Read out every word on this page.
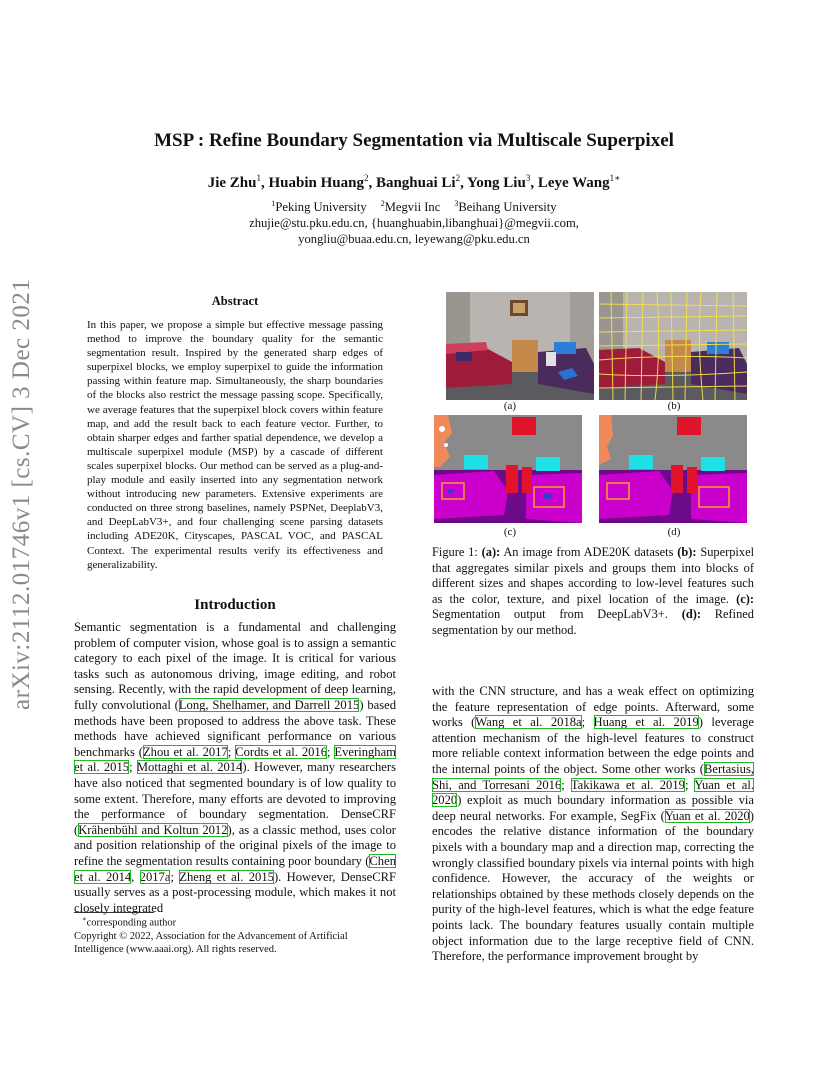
arXiv:2112.01746v1 [cs.CV] 3 Dec 2021
MSP : Refine Boundary Segmentation via Multiscale Superpixel
Jie Zhu$^1$, Huabin Huang$^2$, Banghuai Li$^2$, Yong Liu$^3$, Leye Wang$^{1∗}$
$^1$Peking University $^2$Megvii Inc $^3$Beihang University
zhujie@stu.pku.edu.cn, {huanghuabin,libanghuai}@megvii.com,
yongliu@buaa.edu.cn, leyewang@pku.edu.cn
Abstract
In this paper, we propose a simple but effective message passing method to improve the boundary quality for the semantic segmentation result. Inspired by the generated sharp edges of superpixel blocks, we employ superpixel to guide the information passing within feature map. Simultaneously, the sharp boundaries of the blocks also restrict the message passing scope. Specifically, we average features that the superpixel block covers within feature map, and add the result back to each feature vector. Further, to obtain sharper edges and farther spatial dependence, we develop a multiscale superpixel module (MSP) by a cascade of different scales superpixel blocks. Our method can be served as a plug-and-play module and easily inserted into any segmentation network without introducing new parameters. Extensive experiments are conducted on three strong baselines, namely PSPNet, DeeplabV3, and DeepLabV3+, and four challenging scene parsing datasets including ADE20K, Cityscapes, PASCAL VOC, and PASCAL Context. The experimental results verify its effectiveness and generalizability.
Introduction
Semantic segmentation is a fundamental and challenging problem of computer vision, whose goal is to assign a semantic category to each pixel of the image. It is critical for various tasks such as autonomous driving, image editing, and robot sensing. Recently, with the rapid development of deep learning, fully convolutional (Long, Shelhamer, and Darrell 2015) based methods have been proposed to address the above task. These methods have achieved significant performance on various benchmarks (Zhou et al. 2017; Cordts et al. 2016; Everingham et al. 2015; Mottaghi et al. 2014). However, many researchers have also noticed that segmented boundary is of low quality to some extent. Therefore, many efforts are devoted to improving the performance of boundary segmentation. DenseCRF (Krähenbühl and Koltun 2012), as a classic method, uses color and position relationship of the original pixels of the image to refine the segmentation results containing poor boundary (Chen et al. 2014, 2017a; Zheng et al. 2015). However, DenseCRF usually serves as a post-processing module, which makes it not closely integrated
∗corresponding author
Copyright © 2022, Association for the Advancement of Artificial Intelligence (www.aaai.org). All rights reserved.
(a)	(b)
(c)	(d)
Figure 1: (a): An image from ADE20K datasets (b): Superpixel that aggregates similar pixels and groups them into blocks of different sizes and shapes according to low-level features such as the color, texture, and pixel location of the image. (c): Segmentation output from DeepLabV3+. (d): Refined segmentation by our method.
with the CNN structure, and has a weak effect on optimizing the feature representation of edge points. Afterward, some works (Wang et al. 2018a; Huang et al. 2019) leverage attention mechanism of the high-level features to construct more reliable context information between the edge points and the internal points of the object. Some other works (Bertasius, Shi, and Torresani 2016; Takikawa et al. 2019; Yuan et al. 2020) exploit as much boundary information as possible via deep neural networks. For example, SegFix (Yuan et al. 2020) encodes the relative distance information of the boundary pixels with a boundary map and a direction map, correcting the wrongly classified boundary pixels via internal points with high confidence. However, the accuracy of the weights or relationships obtained by these methods closely depends on the purity of the high-level features, which is what the edge feature points lack. The boundary features usually contain multiple object information due to the large receptive field of CNN. Therefore, the performance improvement brought by
